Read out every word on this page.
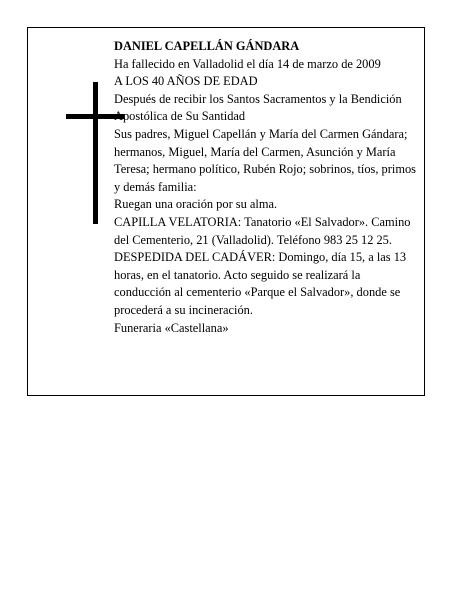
DANIEL CAPELLÁN GÁNDARA

Ha fallecido en Valladolid el día 14 de marzo de 2009

A LOS 40 AÑOS DE EDAD

Después de recibir los Santos Sacramentos y la Bendición Apostólica de Su Santidad

Sus padres, Miguel Capellán y María del Carmen Gándara; hermanos, Miguel, María del Carmen, Asunción y María Teresa; hermano político, Rubén Rojo; sobrinos, tíos, primos y demás familia:

Ruegan una oración por su alma.

CAPILLA VELATORIA: Tanatorio «El Salvador». Camino del Cementerio, 21 (Valladolid). Teléfono 983 25 12 25.

DESPEDIDA DEL CADÁVER: Domingo, día 15, a las 13 horas, en el tanatorio. Acto seguido se realizará la conducción al cementerio «Parque el Salvador», donde se procederá a su incineración.

Funeraria «Castellana»
